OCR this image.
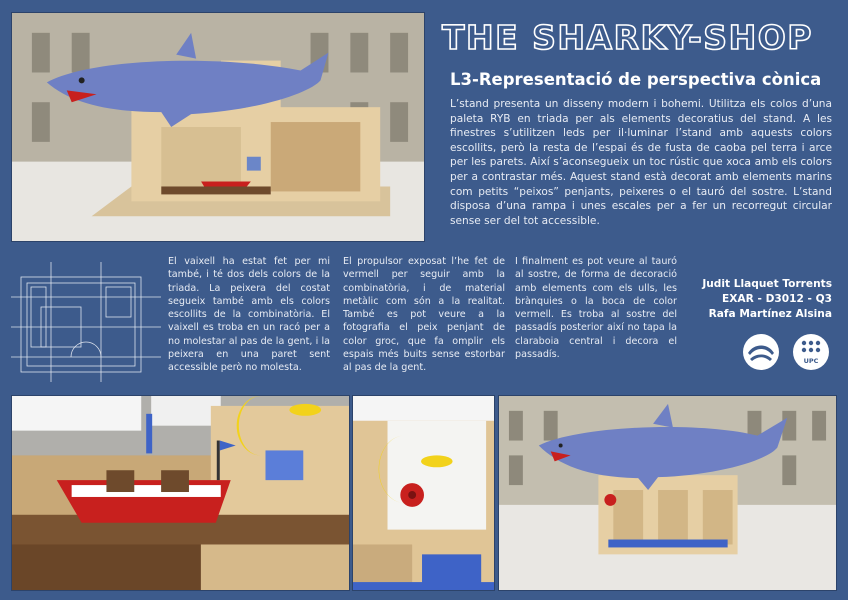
THE SHARKY-SHOP
L3-Representació de perspectiva cònica
L’stand presenta un disseny modern i bohemi. Utilitza els colos d’una paleta RYB en triada per als elements decoratius del stand. A les finestres s’utilitzen leds per il·luminar l’stand amb aquests colors escollits, però la resta de l’espai és de fusta de caoba pel terra i arce per les parets. Així s’aconsegueix un toc rústic que xoca amb els colors per a contrastar més. Aquest stand està decorat amb elements marins com petits “peixos” penjants, peixeres o el tauró del sostre. L’stand disposa d’una rampa i unes escales per a fer un recorregut circular sense ser del tot accessible.
El vaixell ha estat fet per mi també, i té dos dels colors de la triada. La peixera del costat segueix també amb els colors escollits de la combinatòria. El vaixell es troba en un racó per a no molestar al pas de la gent, i la peixera en una paret sent accessible però no molesta.
El propulsor exposat l’he fet de vermell per seguir amb la combinatòria, i de material metàlic com són a la realitat. També es pot veure a la fotografia el peix penjant de color groc, que fa omplir els espais més buits sense estorbar al pas de la gent.
I finalment es pot veure al tauró al sostre, de forma de decoració amb elements com els ulls, les brànquies o la boca de color vermell. Es troba al sostre del passadís posterior així no tapa la claraboia central i decora el passadís.
Judit Llaquet Torrents
EXAR - D3012 - Q3
Rafa Martínez Alsina
UPC
